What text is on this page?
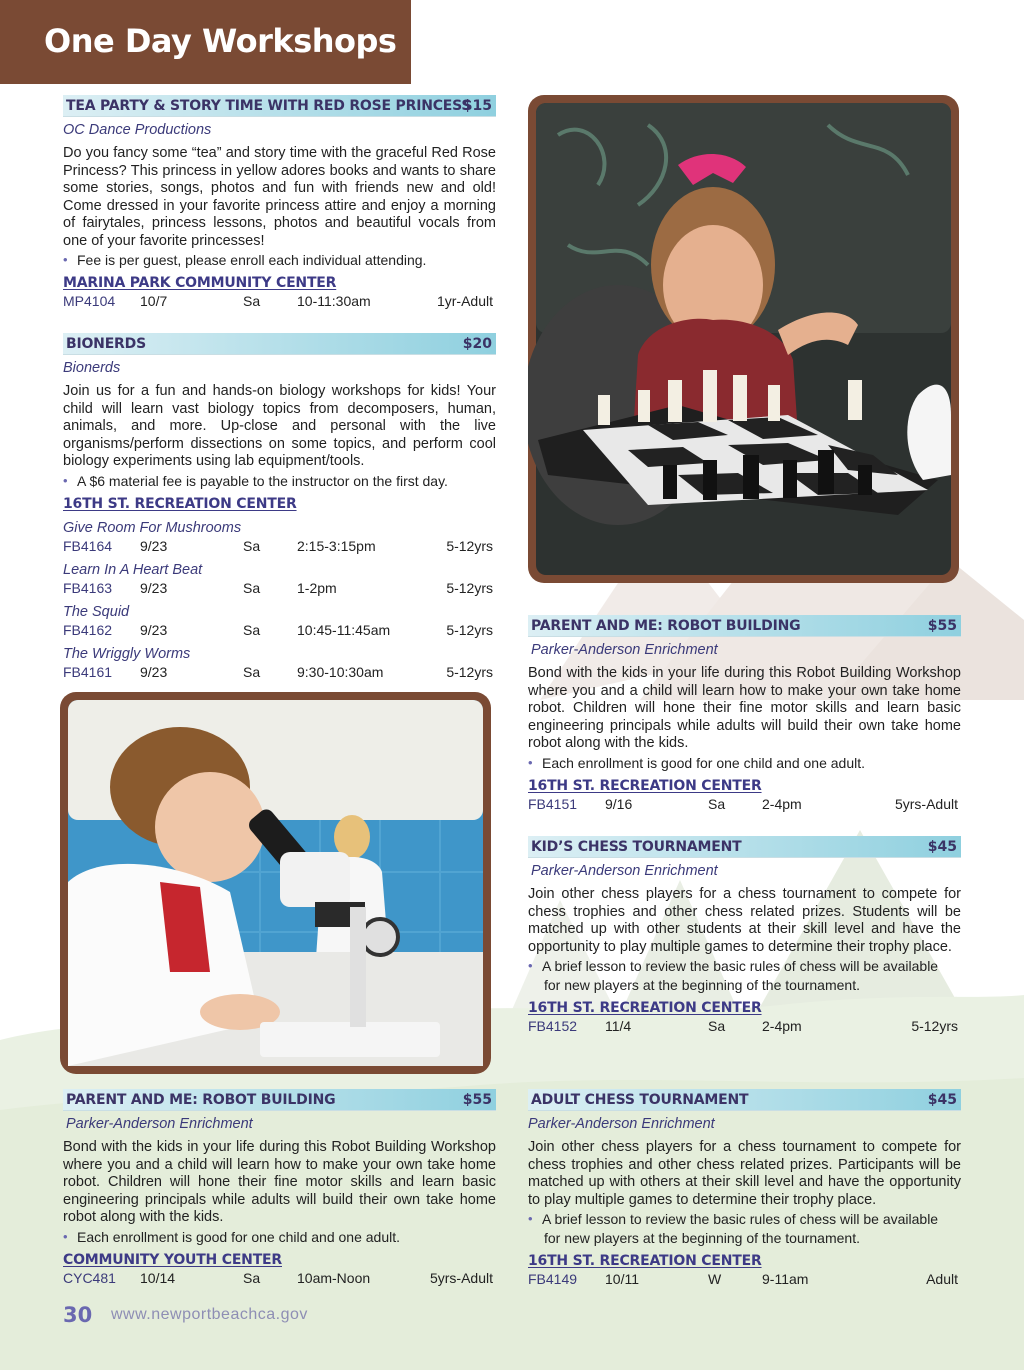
One Day Workshops
TEA PARTY & STORY TIME WITH RED ROSE PRINCESS
$15
OC Dance Productions
Do you fancy some “tea” and story time with the graceful Red Rose Princess? This princess in yellow adores books and wants to share some stories, songs, photos and fun with friends new and old! Come dressed in your favorite princess attire and enjoy a morning of fairytales, princess lessons, photos and beautiful vocals from one of your favorite princesses!
• Fee is per guest, please enroll each individual attending.
MARINA PARK COMMUNITY CENTER
MP4104 10/7	Sa	10-11:30am	1yr-Adult
BIONERDS	$20
Bionerds
Join us for a fun and hands-on biology workshops for kids! Your child will learn vast biology topics from decomposers, human, animals, and more. Up-close and personal with the live organisms/perform dissections on some topics, and perform cool biology experiments using lab equipment/tools.
• A $6 material fee is payable to the instructor on the first day.
16TH ST. RECREATION CENTER
Give Room For Mushrooms
FB4164 9/23	Sa	2:15-3:15pm	5-12yrs
Learn In A Heart Beat
FB4163 9/23	Sa	1-2pm	5-12yrs
The Squid
FB4162 9/23	Sa	10:45-11:45am	5-12yrs
The Wriggly Worms
FB4161 9/23	Sa	9:30-10:30am	5-12yrs
PARENT AND ME: ROBOT BUILDING	$55
Parker-Anderson Enrichment
Bond with the kids in your life during this Robot Building Workshop where you and a child will learn how to make your own take home robot. Children will hone their fine motor skills and learn basic engineering principals while adults will build their own take home robot along with the kids.
• Each enrollment is good for one child and one adult.
16TH ST. RECREATION CENTER
FB4151 9/16	Sa	2-4pm	5yrs-Adult
KID’S CHESS TOURNAMENT	$45
Parker-Anderson Enrichment
Join other chess players for a chess tournament to compete for chess trophies and other chess related prizes. Students will be matched up with other students at their skill level and have the opportunity to play multiple games to determine their trophy place.
• A brief lesson to review the basic rules of chess will be available
for new players at the beginning of the tournament.
16TH ST. RECREATION CENTER
FB4152 11/4	Sa	2-4pm	5-12yrs
PARENT AND ME: ROBOT BUILDING	$55
Parker-Anderson Enrichment
Bond with the kids in your life during this Robot Building Workshop where you and a child will learn how to make your own take home robot. Children will hone their fine motor skills and learn basic engineering principals while adults will build their own take home robot along with the kids.
• Each enrollment is good for one child and one adult.
COMMUNITY YOUTH CENTER
CYC481 10/14	Sa	10am-Noon	5yrs-Adult
ADULT CHESS TOURNAMENT	$45
Parker-Anderson Enrichment
Join other chess players for a chess tournament to compete for chess trophies and other chess related prizes. Participants will be matched up with others at their skill level and have the opportunity to play multiple games to determine their trophy place.
• A brief lesson to review the basic rules of chess will be available
for new players at the beginning of the tournament.
16TH ST. RECREATION CENTER
FB4149 10/11	W	9-11am	Adult
30 www.newportbeachca.gov
